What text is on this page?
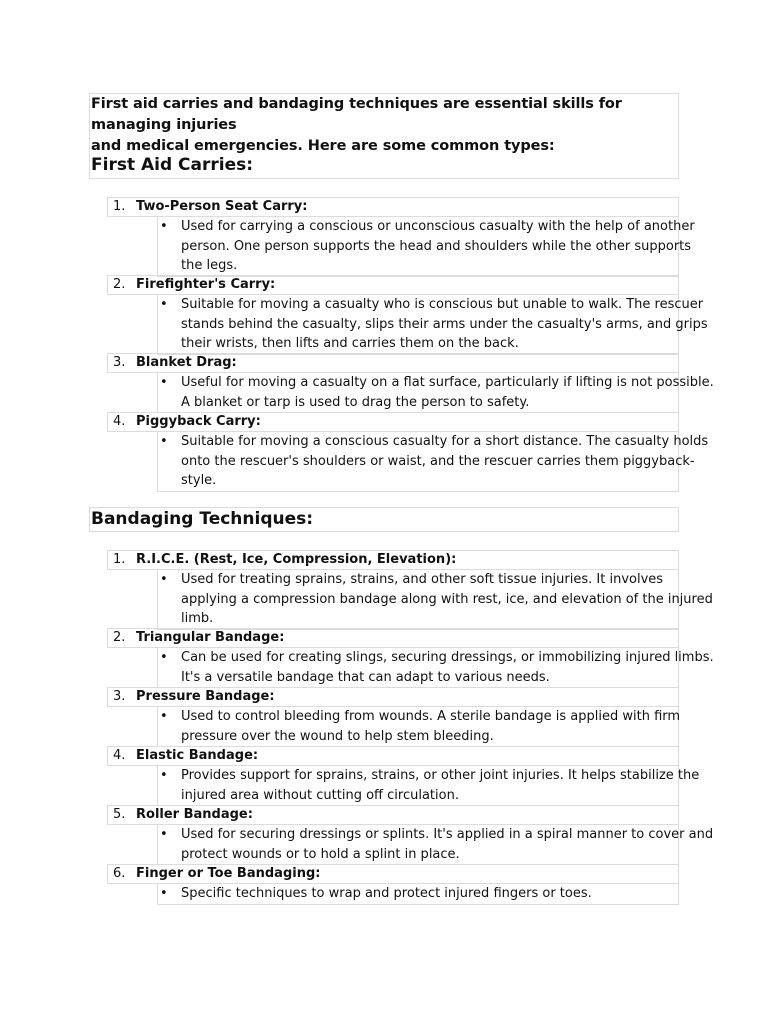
First aid carries and bandaging techniques are essential skills for managing injuries
and medical emergencies. Here are some common types:
First Aid Carries:
1. Two-Person Seat Carry:
• Used for carrying a conscious or unconscious casualty with the help of another
person. One person supports the head and shoulders while the other supports
the legs.
2. Firefighter's Carry:
• Suitable for moving a casualty who is conscious but unable to walk. The rescuer
stands behind the casualty, slips their arms under the casualty's arms, and grips
their wrists, then lifts and carries them on the back.
3. Blanket Drag:
• Useful for moving a casualty on a flat surface, particularly if lifting is not possible.
A blanket or tarp is used to drag the person to safety.
4. Piggyback Carry:
• Suitable for moving a conscious casualty for a short distance. The casualty holds
onto the rescuer's shoulders or waist, and the rescuer carries them piggyback-
style.
Bandaging Techniques:
1. R.I.C.E. (Rest, Ice, Compression, Elevation):
• Used for treating sprains, strains, and other soft tissue injuries. It involves
applying a compression bandage along with rest, ice, and elevation of the injured
limb.
2. Triangular Bandage:
• Can be used for creating slings, securing dressings, or immobilizing injured limbs.
It's a versatile bandage that can adapt to various needs.
3. Pressure Bandage:
• Used to control bleeding from wounds. A sterile bandage is applied with firm
pressure over the wound to help stem bleeding.
4. Elastic Bandage:
• Provides support for sprains, strains, or other joint injuries. It helps stabilize the
injured area without cutting off circulation.
5. Roller Bandage:
• Used for securing dressings or splints. It's applied in a spiral manner to cover and
protect wounds or to hold a splint in place.
6. Finger or Toe Bandaging:
• Specific techniques to wrap and protect injured fingers or toes.
